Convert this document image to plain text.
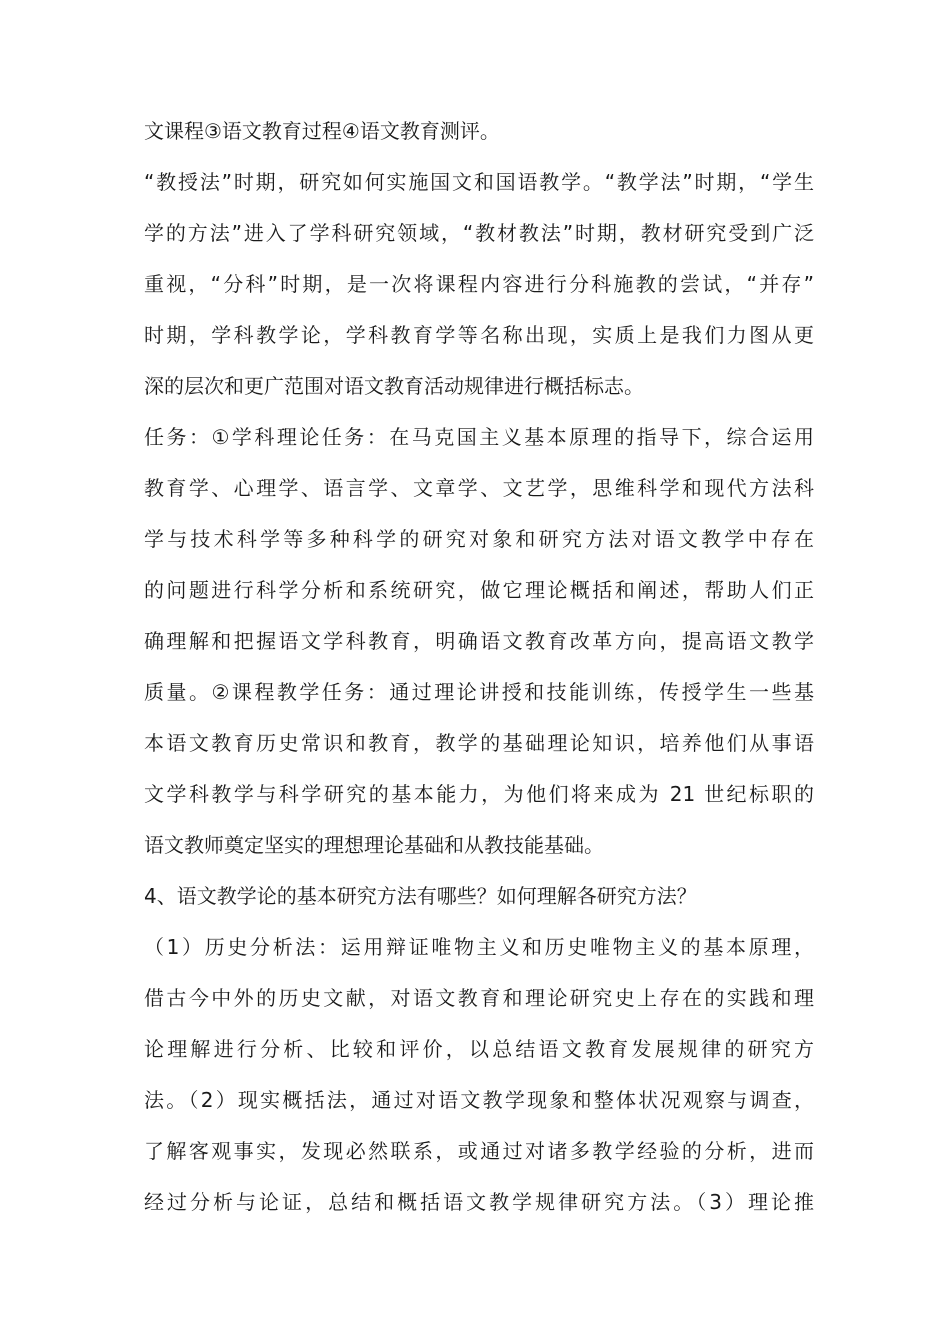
文课程③语文教育过程④语文教育测评。
“教授法”时期，研究如何实施国文和国语教学。“教学法”时期，“学生
学的方法”进入了学科研究领域，“教材教法”时期，教材研究受到广泛
重视，“分科”时期，是一次将课程内容进行分科施教的尝试，“并存”
时期，学科教学论，学科教育学等名称出现，实质上是我们力图从更
深的层次和更广范围对语文教育活动规律进行概括标志。
任务：①学科理论任务：在马克国主义基本原理的指导下，综合运用
教育学、心理学、语言学、文章学、文艺学，思维科学和现代方法科
学与技术科学等多种科学的研究对象和研究方法对语文教学中存在
的问题进行科学分析和系统研究，做它理论概括和阐述，帮助人们正
确理解和把握语文学科教育，明确语文教育改革方向，提高语文教学
质量。②课程教学任务：通过理论讲授和技能训练，传授学生一些基
本语文教育历史常识和教育，教学的基础理论知识，培养他们从事语
文学科教学与科学研究的基本能力，为他们将来成为 21 世纪标职的
语文教师奠定坚实的理想理论基础和从教技能基础。
4、语文教学论的基本研究方法有哪些？如何理解各研究方法？
（1）历史分析法：运用辩证唯物主义和历史唯物主义的基本原理，
借古今中外的历史文献，对语文教育和理论研究史上存在的实践和理
论理解进行分析、比较和评价，以总结语文教育发展规律的研究方
法。（2）现实概括法，通过对语文教学现象和整体状况观察与调查，
了解客观事实，发现必然联系，或通过对诸多教学经验的分析，进而
经过分析与论证，总结和概括语文教学规律研究方法。（3）理论推
